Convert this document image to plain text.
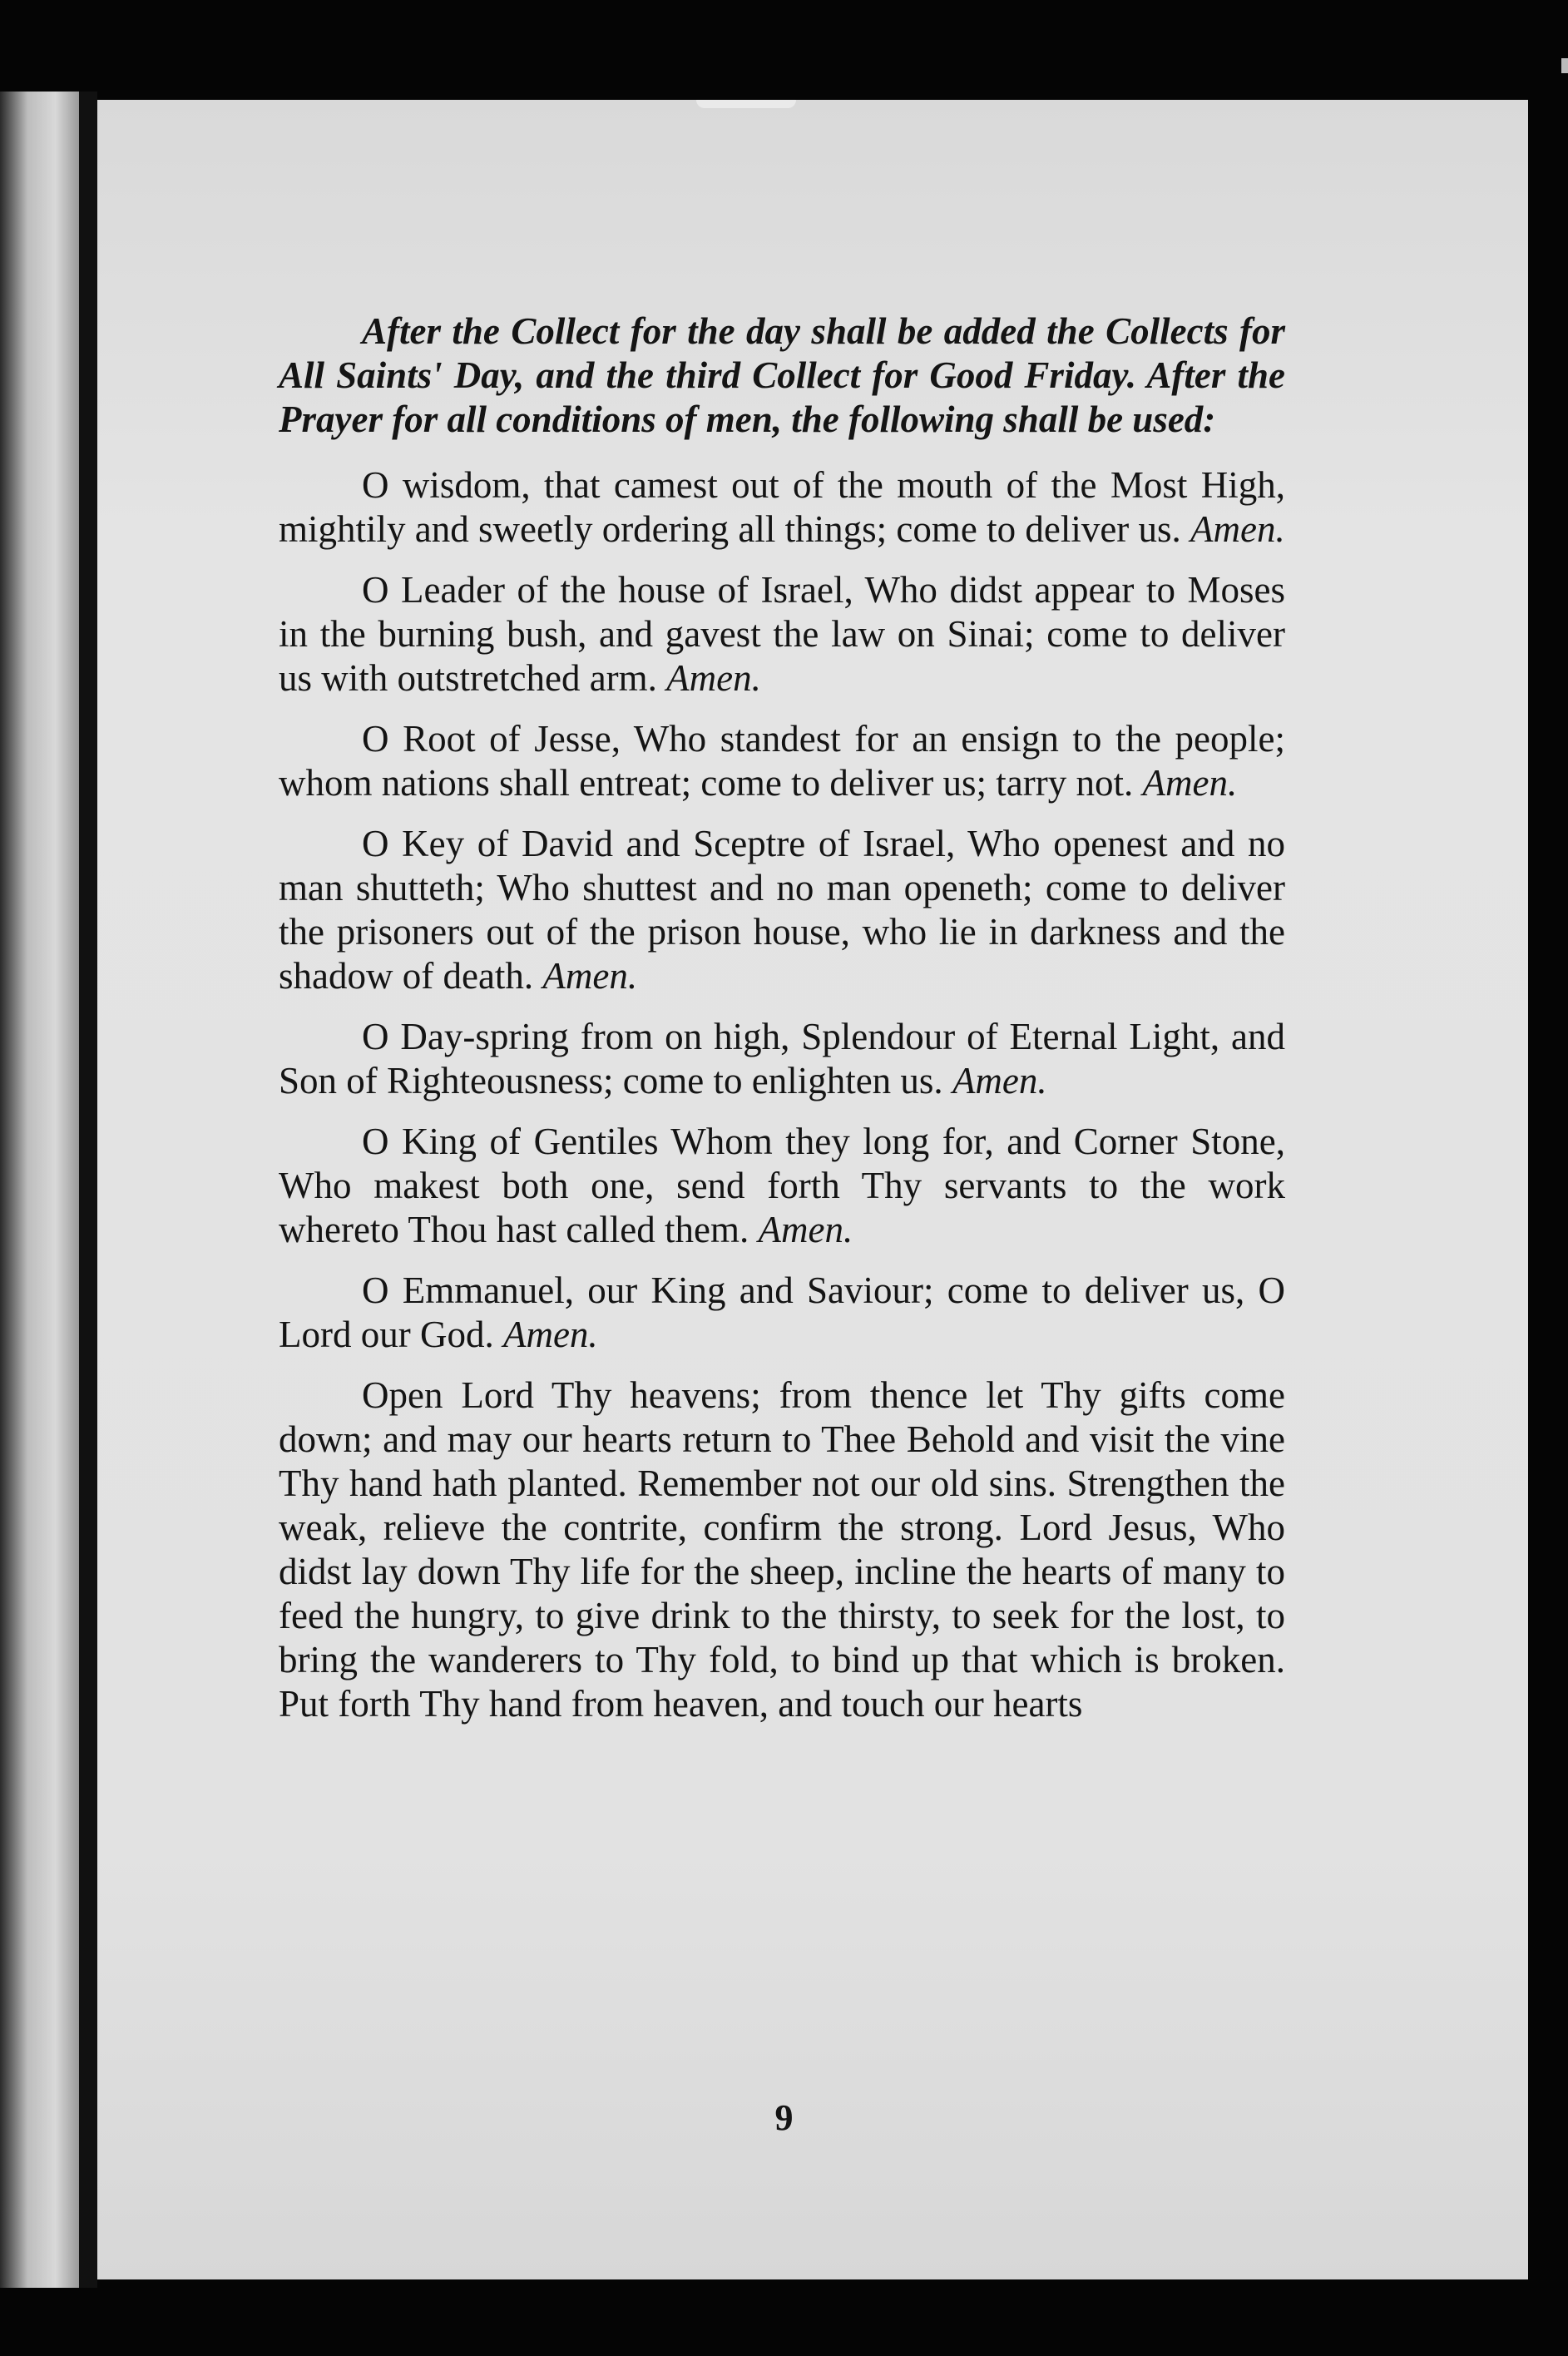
After the Collect for the day shall be added the Collects for All Saints' Day, and the third Collect for Good Friday. After the Prayer for all conditions of men, the following shall be used:

O wisdom, that camest out of the mouth of the Most High, mightily and sweetly ordering all things; come to deliver us. Amen.

O Leader of the house of Israel, Who didst appear to Moses in the burning bush, and gavest the law on Sinai; come to deliver us with outstretched arm. Amen.

O Root of Jesse, Who standest for an ensign to the people; whom nations shall entreat; come to deliver us; tarry not. Amen.

O Key of David and Sceptre of Israel, Who openest and no man shutteth; Who shuttest and no man openeth; come to deliver the prisoners out of the prison house, who lie in darkness and the shadow of death. Amen.

O Day-spring from on high, Splendour of Eternal Light, and Son of Righteousness; come to enlighten us. Amen.

O King of Gentiles Whom they long for, and Corner Stone, Who makest both one, send forth Thy servants to the work whereto Thou hast called them. Amen.

O Emmanuel, our King and Saviour; come to deliver us, O Lord our God. Amen.

Open Lord Thy heavens; from thence let Thy gifts come down; and may our hearts return to Thee Behold and visit the vine Thy hand hath planted. Remember not our old sins. Strengthen the weak, relieve the contrite, confirm the strong. Lord Jesus, Who didst lay down Thy life for the sheep, incline the hearts of many to feed the hungry, to give drink to the thirsty, to seek for the lost, to bring the wanderers to Thy fold, to bind up that which is broken. Put forth Thy hand from heaven, and touch our hearts

9
